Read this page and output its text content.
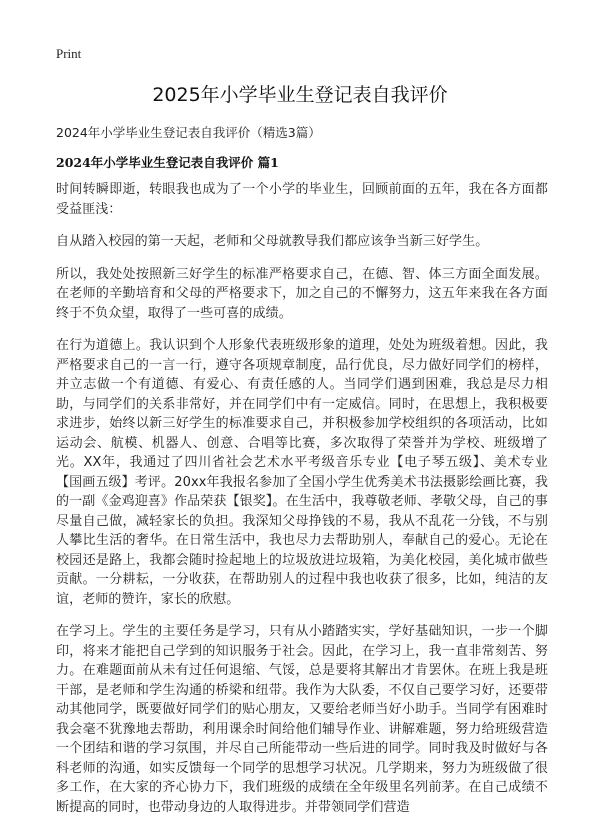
Print
2025年小学毕业生登记表自我评价

2024年小学毕业生登记表自我评价（精选3篇）

2024年小学毕业生登记表自我评价 篇1

时间转瞬即逝，转眼我也成为了一个小学的毕业生，回顾前面的五年，我在各方面都受益匪浅：

自从踏入校园的第一天起，老师和父母就教导我们都应该争当新三好学生。

所以，我处处按照新三好学生的标准严格要求自己，在德、智、体三方面全面发展。在老师的辛勤培育和父母的严格要求下，加之自己的不懈努力，这五年来我在各方面终于不负众望，取得了一些可喜的成绩。

在行为道德上。我认识到个人形象代表班级形象的道理，处处为班级着想。因此，我严格要求自己的一言一行，遵守各项规章制度，品行优良，尽力做好同学们的榜样，并立志做一个有道德、有爱心、有责任感的人。当同学们遇到困难，我总是尽力相助，与同学们的关系非常好，并在同学们中有一定威信。同时，在思想上，我积极要求进步，始终以新三好学生的标准要求自己，并积极参加学校组织的各项活动，比如运动会、航模、机器人、创意、合唱等比赛，多次取得了荣誉并为学校、班级增了光。XX年，我通过了四川省社会艺术水平考级音乐专业【电子琴五级】、美术专业【国画五级】考评。20xx年我报名参加了全国小学生优秀美术书法摄影绘画比赛，我的一副《金鸡迎喜》作品荣获【银奖】。在生活中，我尊敬老师、孝敬父母，自己的事尽量自己做，减轻家长的负担。我深知父母挣钱的不易，我从不乱花一分钱，不与别人攀比生活的奢华。在日常生活中，我也尽力去帮助别人，奉献自己的爱心。无论在校园还是路上，我都会随时捡起地上的垃圾放进垃圾箱，为美化校园，美化城市做些贡献。一分耕耘，一分收获，在帮助别人的过程中我也收获了很多，比如，纯洁的友谊，老师的赞许，家长的欣慰。

在学习上。学生的主要任务是学习，只有从小踏踏实实，学好基础知识，一步一个脚印，将来才能把自己学到的知识服务于社会。因此，在学习上，我一直非常刻苦、努力。在难题面前从未有过任何退缩、气馁，总是要将其解出才肯罢休。在班上我是班干部，是老师和学生沟通的桥梁和纽带。我作为大队委，不仅自己要学习好，还要带动其他同学，既要做好同学们的贴心朋友，又要给老师当好小助手。当同学有困难时我会毫不犹豫地去帮助，利用课余时间给他们辅导作业、讲解难题，努力给班级营造一个团结和谐的学习氛围，并尽自己所能带动一些后进的同学。同时我及时做好与各科老师的沟通，如实反馈每一个同学的思想学习状况。几学期来，努力为班级做了很多工作，在大家的齐心协力下，我们班级的成绩在全年级里名列前茅。在自己成绩不断提高的同时，也带动身边的人取得进步。并带领同学们营造
